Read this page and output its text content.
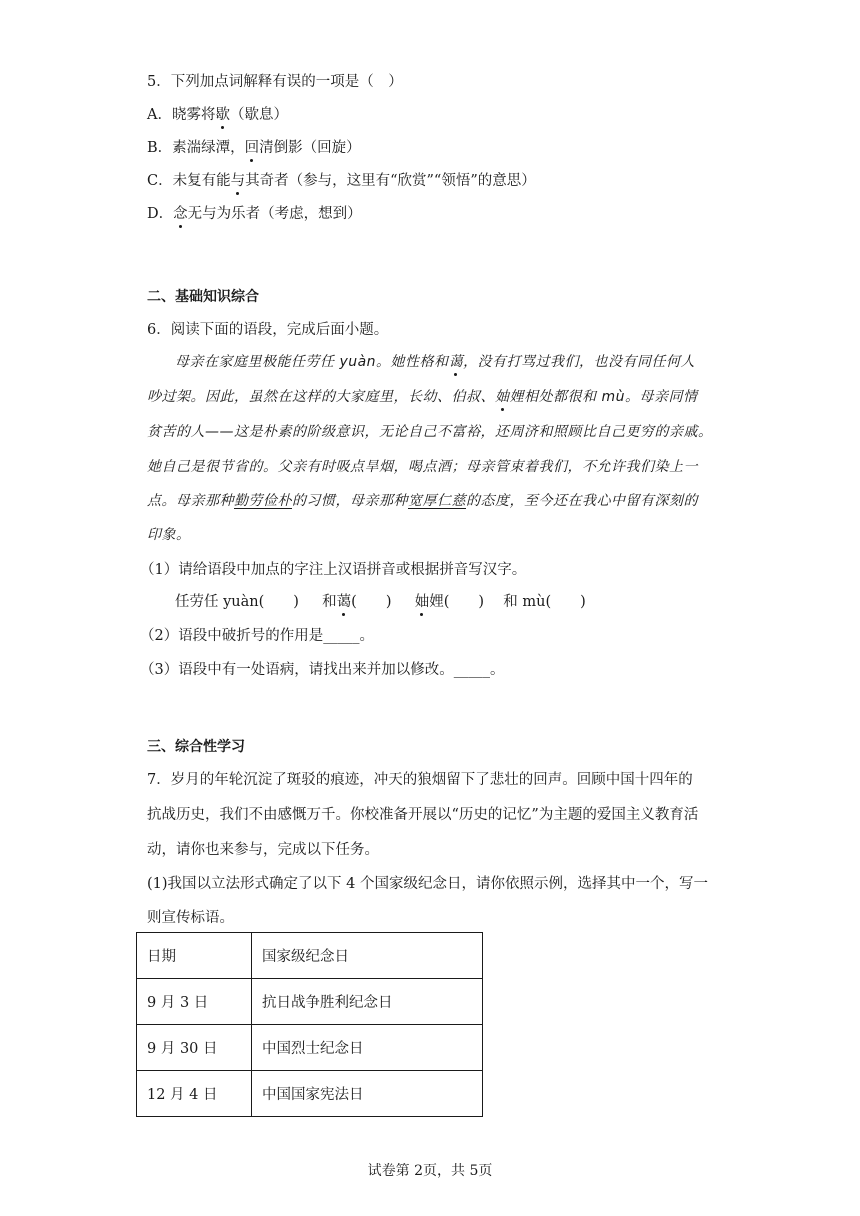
5．下列加点词解释有误的一项是（　）
A．晓雾将歇（歇息）
B．素湍绿潭，回清倒影（回旋）
C．未复有能与其奇者（参与，这里有“欣赏”“领悟”的意思）
D．念无与为乐者（考虑，想到）
二、基础知识综合
6．阅读下面的语段，完成后面小题。
母亲在家庭里极能任劳任 yuàn。她性格和蔼，没有打骂过我们，也没有同任何人
吵过架。因此，虽然在这样的大家庭里，长幼、伯叔、妯娌相处都很和 mù。母亲同情
贫苦的人——这是朴素的阶级意识，无论自己不富裕，还周济和照顾比自己更穷的亲戚。
她自己是很节省的。父亲有时吸点旱烟，喝点酒；母亲管束着我们，不允许我们染上一
点。母亲那种勤劳俭朴的习惯，母亲那种宽厚仁慈的态度，至今还在我心中留有深刻的
印象。
（1）请给语段中加点的字注上汉语拼音或根据拼音写汉字。
任劳任 yuàn(　　) 和蔼(　　) 妯娌(　　) 和 mù(　　)
（2）语段中破折号的作用是_____。
（3）语段中有一处语病，请找出来并加以修改。_____。
三、综合性学习
7．岁月的年轮沉淀了斑驳的痕迹，冲天的狼烟留下了悲壮的回声。回顾中国十四年的
抗战历史，我们不由感慨万千。你校准备开展以“历史的记忆”为主题的爱国主义教育活
动，请你也来参与，完成以下任务。
(1)我国以立法形式确定了以下 4 个国家级纪念日，请你依照示例，选择其中一个，写一
则宣传标语。
日期	国家级纪念日
9 月 3 日	抗日战争胜利纪念日
9 月 30 日	中国烈士纪念日
12 月 4 日	中国国家宪法日
试卷第 2页，共 5页
